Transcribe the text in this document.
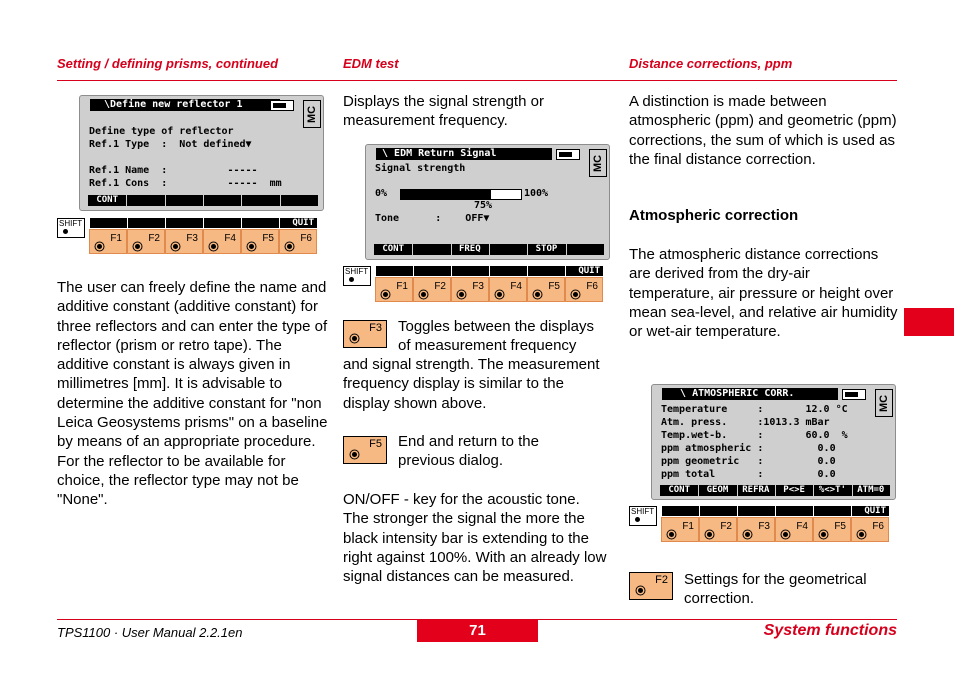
Setting / defining prisms, continued	EDM test	Distance corrections, ppm
\Define new reflector 1
MC
Define type of reflector
Ref.1 Type  :  Not defined▼
Ref.1 Name  :          -----
Ref.1 Cons  :          -----  mm
CONT
SHIFT	QUIT
F1	F2	F3	F4	F5	F6

The user can freely define the name and additive constant (additive constant) for three reflectors and can enter the type of reflector (prism or retro tape). The additive constant is always given in millimetres [mm]. It is advisable to determine the additive constant for "non Leica Geosystems prisms" on a baseline by means of an appropriate procedure.

For the reflector to be available for choice, the reflector type may not be "None".

Displays the signal strength or measurement frequency.
\ EDM Return Signal
MC
Signal strength
0%	100%
75%
Tone      :    OFF▼
CONT	FREQ	STOP
SHIFT	QUIT
F1	F2	F3	F4	F5	F6
F3 Toggles between the displays of measurement frequency
and signal strength. The measurement frequency display is similar to the display shown above.
F5 End and return to the previous dialog.
ON/OFF - key for the acoustic tone. The stronger the signal the more the black intensity bar is extending to the right against 100%. With an already low signal distances can be measured.
A distinction is made between atmospheric (ppm) and geometric (ppm) corrections, the sum of which is used as the final distance correction.
Atmospheric correction
The atmospheric distance corrections are derived from the dry-air temperature, air pressure or height over mean sea-level, and relative air humidity or wet-air temperature.
\ ATMOSPHERIC CORR.
MC
Temperature     :       12.0 °C
Atm. press.     :1013.3 mBar
Temp.wet-b.     :       60.0  %
ppm atmospheric :         0.0
ppm geometric   :         0.0
ppm total       :         0.0
CONT	GEOM	REFRA	P<>E	%<>T'	ATM=0
SHIFT	QUIT
F1	F2	F3	F4	F5	F6
F2 Settings for the geometrical correction.
TPS1100 · User Manual 2.2.1en	71	System functions
